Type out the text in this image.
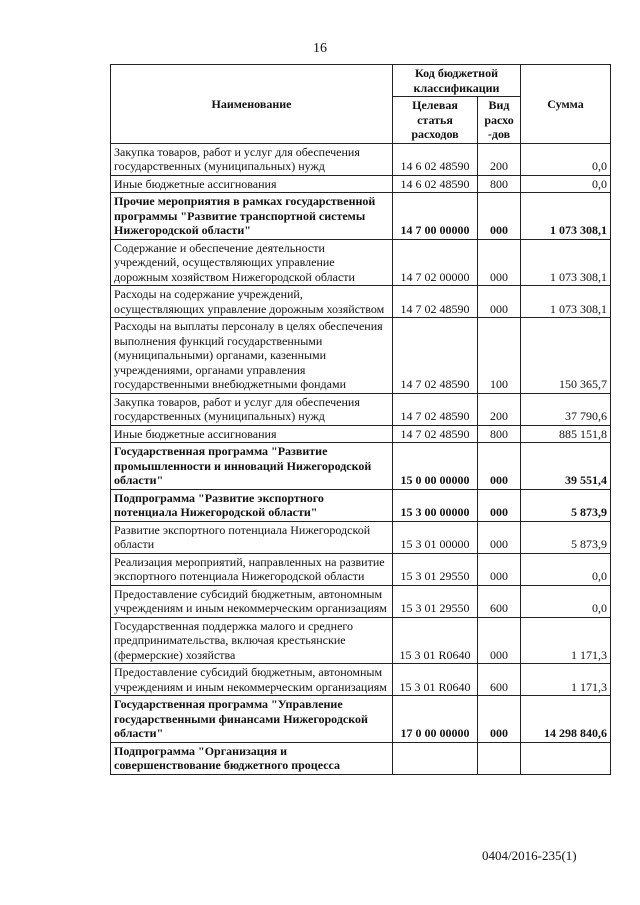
16
Наименование	Код бюджетной классификации		Сумма
	Целевая статья расходов	Вид расхо -дов	
Закупка товаров, работ и услуг для обеспечения государственных (муниципальных) нужд	14 6 02 48590	200	0,0
Иные бюджетные ассигнования	14 6 02 48590	800	0,0
Прочие мероприятия в рамках государственной программы "Развитие транспортной системы Нижегородской области"	14 7 00 00000	000	1 073 308,1
Содержание и обеспечение деятельности учреждений, осуществляющих управление дорожным хозяйством Нижегородской области	14 7 02 00000	000	1 073 308,1
Расходы на содержание учреждений, осуществляющих управление дорожным хозяйством	14 7 02 48590	000	1 073 308,1
Расходы на выплаты персоналу в целях обеспечения выполнения функций государственными (муниципальными) органами, казенными учреждениями, органами управления государственными внебюджетными фондами	14 7 02 48590	100	150 365,7
Закупка товаров, работ и услуг для обеспечения государственных (муниципальных) нужд	14 7 02 48590	200	37 790,6
Иные бюджетные ассигнования	14 7 02 48590	800	885 151,8
Государственная программа "Развитие промышленности и инноваций Нижегородской области"	15 0 00 00000	000	39 551,4
Подпрограмма "Развитие экспортного потенциала Нижегородской области"	15 3 00 00000	000	5 873,9
Развитие экспортного потенциала Нижегородской области	15 3 01 00000	000	5 873,9
Реализация мероприятий, направленных на развитие экспортного потенциала Нижегородской области	15 3 01 29550	000	0,0
Предоставление субсидий бюджетным, автономным учреждениям и иным некоммерческим организациям	15 3 01 29550	600	0,0
Государственная поддержка малого и среднего предпринимательства, включая крестьянские (фермерские) хозяйства	15 3 01 R0640	000	1 171,3
Предоставление субсидий бюджетным, автономным учреждениям и иным некоммерческим организациям	15 3 01 R0640	600	1 171,3
Государственная программа "Управление государственными финансами Нижегородской области"	17 0 00 00000	000	14 298 840,6
Подпрограмма "Организация и совершенствование бюджетного процесса			
0404/2016-235(1)
